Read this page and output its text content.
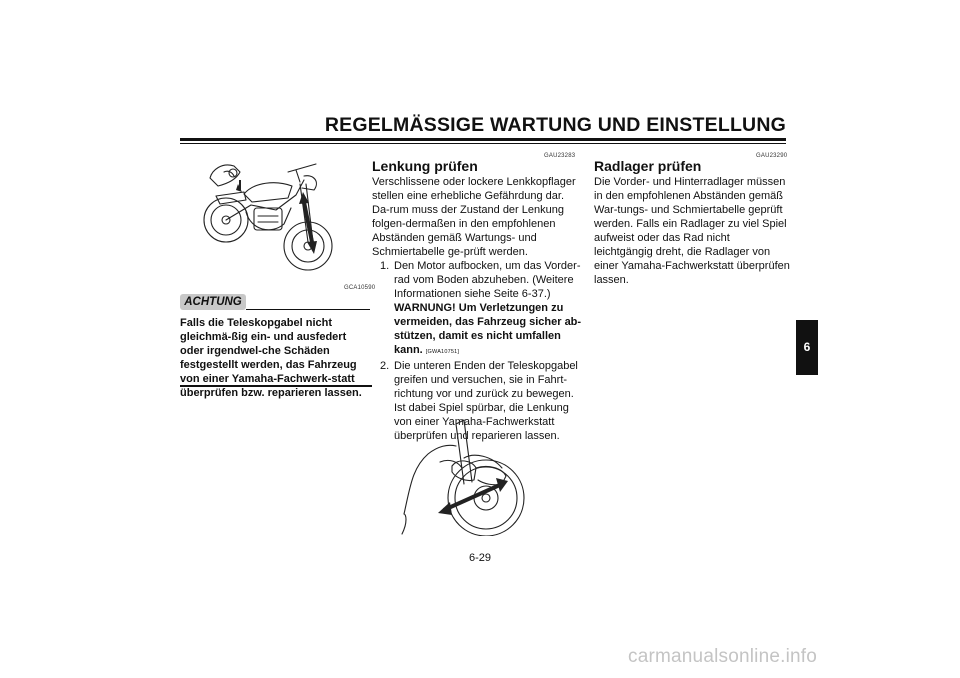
REGELMÄSSIGE WARTUNG UND EINSTELLUNG
GCA10590
ACHTUNG

Falls die Teleskopgabel nicht gleichmä-ßig ein- und ausfedert oder irgendwel-che Schäden festgestellt werden, das Fahrzeug von einer Yamaha-Fachwerk-statt überprüfen bzw. reparieren lassen.

GAU23283
Lenkung prüfen

Verschlissene oder lockere Lenkkopflager stellen eine erhebliche Gefährdung dar. Da-rum muss der Zustand der Lenkung folgen-dermaßen in den empfohlenen Abständen gemäß Wartungs- und Schmiertabelle ge-prüft werden.

1. Den Motor aufbocken, um das Vorder-rad vom Boden abzuheben. (Weitere Informationen siehe Seite 6-37.) WARNUNG! Um Verletzungen zu vermeiden, das Fahrzeug sicher ab-stützen, damit es nicht umfallen kann. [GWA10751]
2. Die unteren Enden der Teleskopgabel greifen und versuchen, sie in Fahrt-richtung vor und zurück zu bewegen. Ist dabei Spiel spürbar, die Lenkung von einer Yamaha-Fachwerkstatt überprüfen und reparieren lassen.
GAU23290
Radlager prüfen

Die Vorder- und Hinterradlager müssen in den empfohlenen Abständen gemäß War-tungs- und Schmiertabelle geprüft werden. Falls ein Radlager zu viel Spiel aufweist oder das Rad nicht leichtgängig dreht, die Radlager von einer Yamaha-Fachwerkstatt überprüfen lassen.

6
6-29
carmanualsonline.info
